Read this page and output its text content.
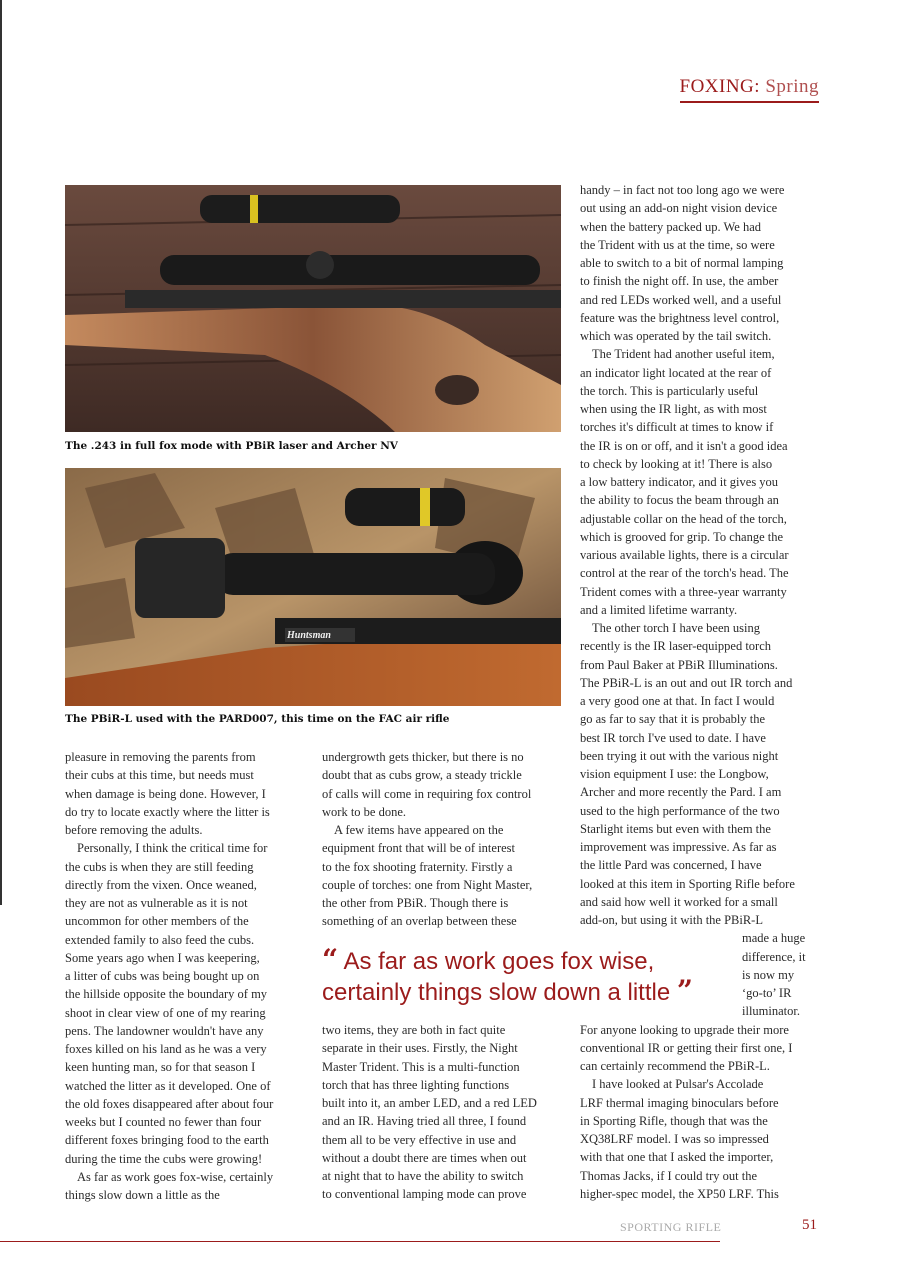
FOXING: Spring
The .243 in full fox mode with PBiR laser and Archer NV
Huntsman
The PBiR-L used with the PARD007, this time on the FAC air rifle
pleasure in removing the parents from
their cubs at this time, but needs must
when damage is being done. However, I
do try to locate exactly where the litter is
before removing the adults.
Personally, I think the critical time for
the cubs is when they are still feeding
directly from the vixen. Once weaned,
they are not as vulnerable as it is not
uncommon for other members of the
extended family to also feed the cubs.
Some years ago when I was keepering,
a litter of cubs was being bought up on
the hillside opposite the boundary of my
shoot in clear view of one of my rearing
pens. The landowner wouldn't have any
foxes killed on his land as he was a very
keen hunting man, so for that season I
watched the litter as it developed. One of
the old foxes disappeared after about four
weeks but I counted no fewer than four
different foxes bringing food to the earth
during the time the cubs were growing!
As far as work goes fox-wise, certainly
things slow down a little as the
undergrowth gets thicker, but there is no
doubt that as cubs grow, a steady trickle
of calls will come in requiring fox control
work to be done.
A few items have appeared on the
equipment front that will be of interest
to the fox shooting fraternity. Firstly a
couple of torches: one from Night Master,
the other from PBiR. Though there is
something of an overlap between these
two items, they are both in fact quite
separate in their uses. Firstly, the Night
Master Trident. This is a multi-function
torch that has three lighting functions
built into it, an amber LED, and a red LED
and an IR. Having tried all three, I found
them all to be very effective in use and
without a doubt there are times when out
at night that to have the ability to switch
to conventional lamping mode can prove
handy – in fact not too long ago we were
out using an add-on night vision device
when the battery packed up. We had
the Trident with us at the time, so were
able to switch to a bit of normal lamping
to finish the night off. In use, the amber
and red LEDs worked well, and a useful
feature was the brightness level control,
which was operated by the tail switch.
The Trident had another useful item,
an indicator light located at the rear of
the torch. This is particularly useful
when using the IR light, as with most
torches it's difficult at times to know if
the IR is on or off, and it isn't a good idea
to check by looking at it! There is also
a low battery indicator, and it gives you
the ability to focus the beam through an
adjustable collar on the head of the torch,
which is grooved for grip. To change the
various available lights, there is a circular
control at the rear of the torch's head. The
Trident comes with a three-year warranty
and a limited lifetime warranty.
The other torch I have been using
recently is the IR laser-equipped torch
from Paul Baker at PBiR Illuminations.
The PBiR-L is an out and out IR torch and
a very good one at that. In fact I would
go as far to say that it is probably the
best IR torch I've used to date. I have
been trying it out with the various night
vision equipment I use: the Longbow,
Archer and more recently the Pard. I am
used to the high performance of the two
Starlight items but even with them the
improvement was impressive. As far as
the little Pard was concerned, I have
looked at this item in Sporting Rifle before
and said how well it worked for a small
add-on, but using it with the PBiR-L
made a huge
difference, it
is now my
‘go-to’ IR
illuminator.
For anyone looking to upgrade their more
conventional IR or getting their first one, I
can certainly recommend the PBiR-L.
I have looked at Pulsar's Accolade
LRF thermal imaging binoculars before
in Sporting Rifle, though that was the
XQ38LRF model. I was so impressed
with that one that I asked the importer,
Thomas Jacks, if I could try out the
higher-spec model, the XP50 LRF. This
“ As far as work goes fox wise,
certainly things slow down a little ”
SPORTING RIFLE	51
